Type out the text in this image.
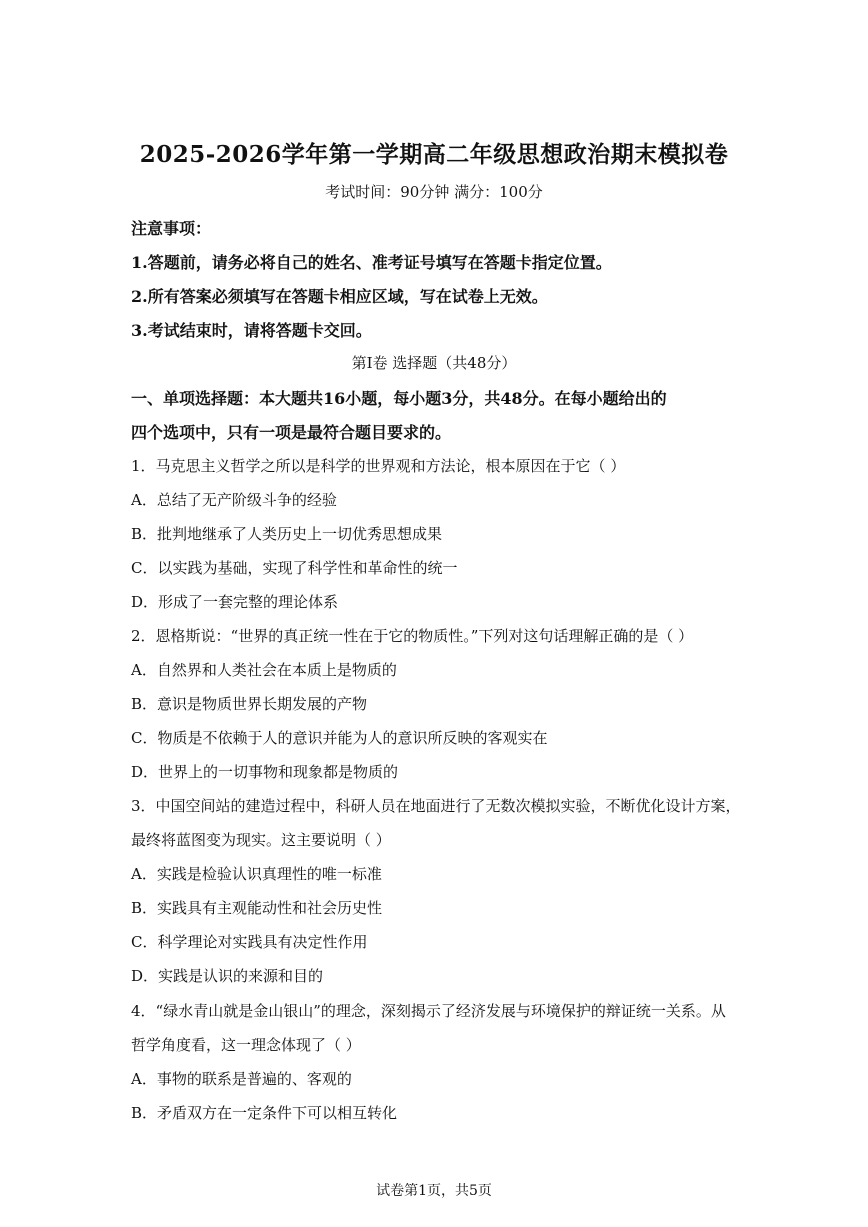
2025-2026学年第一学期高二年级思想政治期末模拟卷
考试时间：90分钟 满分：100分
注意事项：
1.答题前，请务必将自己的姓名、准考证号填写在答题卡指定位置。
2.所有答案必须填写在答题卡相应区域，写在试卷上无效。
3.考试结束时，请将答题卡交回。
第Ⅰ卷 选择题（共48分）
一、单项选择题：本大题共16小题，每小题3分，共48分。在每小题给出的
四个选项中，只有一项是最符合题目要求的。
1．马克思主义哲学之所以是科学的世界观和方法论，根本原因在于它（ ）
A．总结了无产阶级斗争的经验
B．批判地继承了人类历史上一切优秀思想成果
C．以实践为基础，实现了科学性和革命性的统一
D．形成了一套完整的理论体系
2．恩格斯说：“世界的真正统一性在于它的物质性。”下列对这句话理解正确的是（ ）
A．自然界和人类社会在本质上是物质的
B．意识是物质世界长期发展的产物
C．物质是不依赖于人的意识并能为人的意识所反映的客观实在
D．世界上的一切事物和现象都是物质的
3．中国空间站的建造过程中，科研人员在地面进行了无数次模拟实验，不断优化设计方案，
最终将蓝图变为现实。这主要说明（ ）
A．实践是检验认识真理性的唯一标准
B．实践具有主观能动性和社会历史性
C．科学理论对实践具有决定性作用
D．实践是认识的来源和目的
4．“绿水青山就是金山银山”的理念，深刻揭示了经济发展与环境保护的辩证统一关系。从
哲学角度看，这一理念体现了（ ）
A．事物的联系是普遍的、客观的
B．矛盾双方在一定条件下可以相互转化
试卷第1页，共5页
